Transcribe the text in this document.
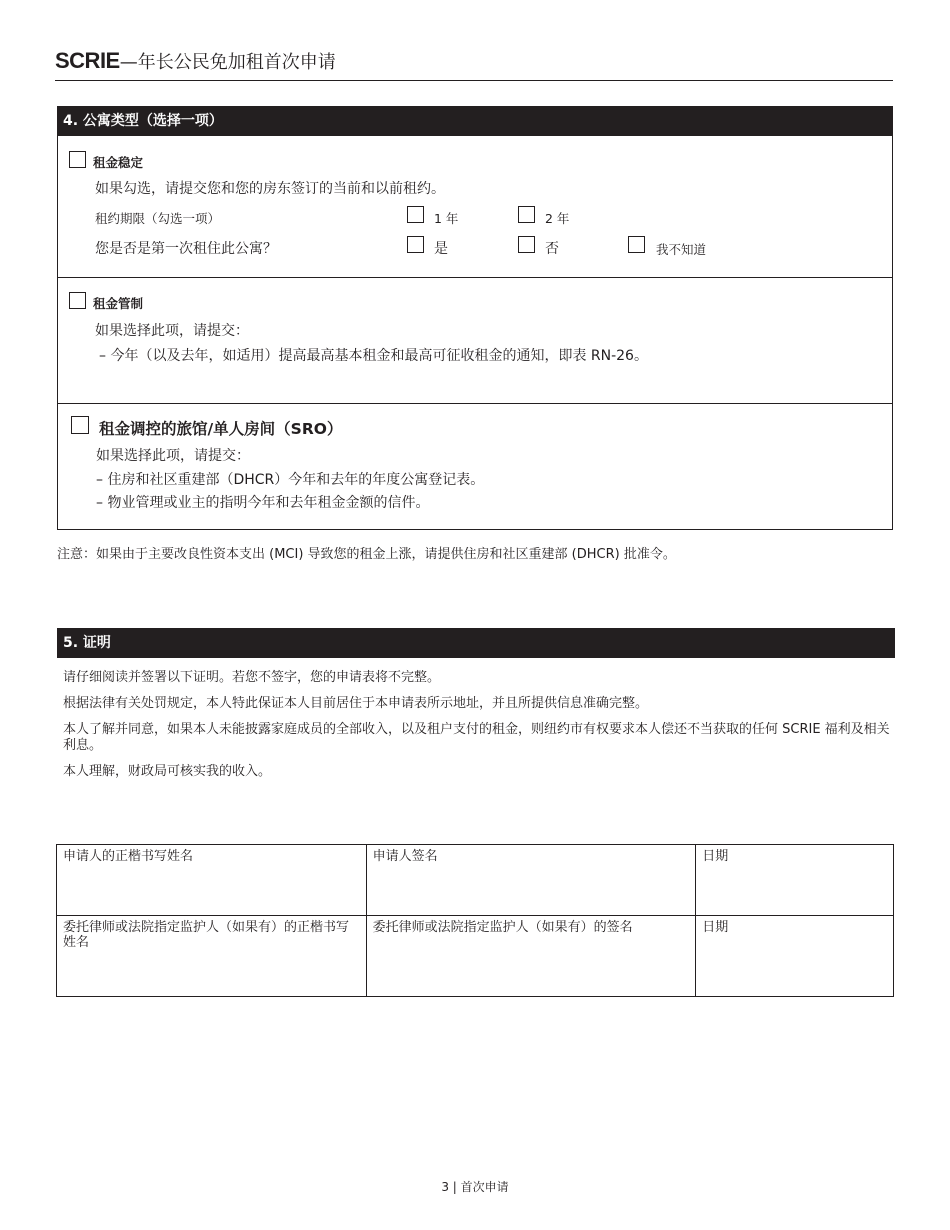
SCRIE—年长公民免加租首次申请
4. 公寓类型（选择一项）
租金稳定
如果勾选，请提交您和您的房东签订的当前和以前租约。
租约期限（勾选一项）	1 年	2 年
您是否是第一次租住此公寓？	是	否	我不知道
租金管制
如果选择此项，请提交：
– 今年（以及去年，如适用）提高最高基本租金和最高可征收租金的通知，即表 RN-26。
租金调控的旅馆/单人房间（SRO）
如果选择此项，请提交：
– 住房和社区重建部（DHCR）今年和去年的年度公寓登记表。
– 物业管理或业主的指明今年和去年租金金额的信件。
注意：如果由于主要改良性资本支出 (MCI) 导致您的租金上涨，请提供住房和社区重建部 (DHCR) 批准令。
5. 证明
请仔细阅读并签署以下证明。若您不签字，您的申请表将不完整。
根据法律有关处罚规定，本人特此保证本人目前居住于本申请表所示地址，并且所提供信息准确完整。
本人了解并同意，如果本人未能披露家庭成员的全部收入，以及租户支付的租金，则纽约市有权要求本人偿还不当获取的任何 SCRIE 福利及相关利息。
本人理解，财政局可核实我的收入。
申请人的正楷书写姓名	申请人签名	日期
委托律师或法院指定监护人（如果有）的正楷书写姓名	委托律师或法院指定监护人（如果有）的签名	日期
3 | 首次申请
